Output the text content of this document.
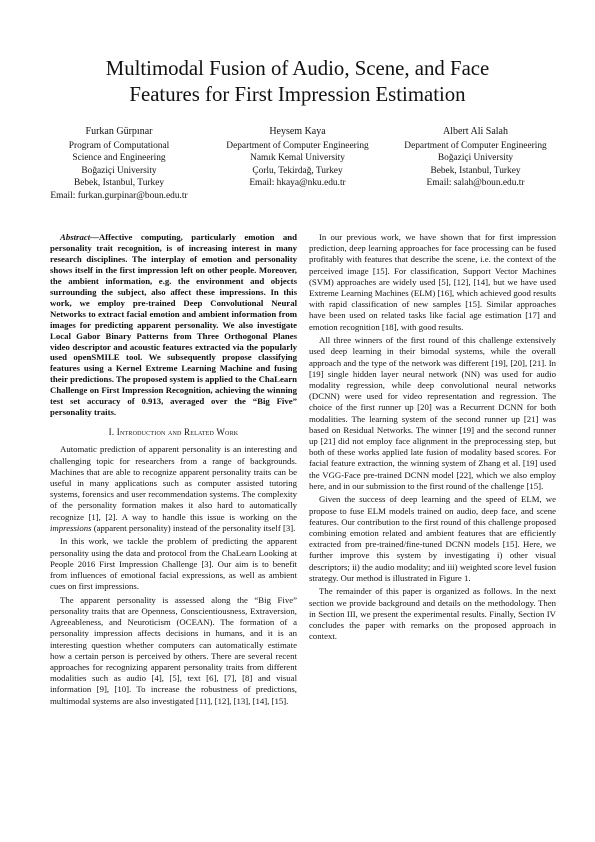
Multimodal Fusion of Audio, Scene, and Face
Features for First Impression Estimation
Furkan Gürpınar
Program of Computational
Science and Engineering
Boğaziçi University
Bebek, Istanbul, Turkey
Email: furkan.gurpinar@boun.edu.tr
Heysem Kaya
Department of Computer Engineering
Namık Kemal University
Çorlu, Tekirdağ, Turkey
Email: hkaya@nku.edu.tr
Albert Ali Salah
Department of Computer Engineering
Boğaziçi University
Bebek, Istanbul, Turkey
Email: salah@boun.edu.tr
Abstract—Affective computing, particularly emotion and personality trait recognition, is of increasing interest in many research disciplines. The interplay of emotion and personality shows itself in the first impression left on other people. Moreover, the ambient information, e.g. the environment and objects surrounding the subject, also affect these impressions. In this work, we employ pre-trained Deep Convolutional Neural Networks to extract facial emotion and ambient information from images for predicting apparent personality. We also investigate Local Gabor Binary Patterns from Three Orthogonal Planes video descriptor and acoustic features extracted via the popularly used openSMILE tool. We subsequently propose classifying features using a Kernel Extreme Learning Machine and fusing their predictions. The proposed system is applied to the ChaLearn Challenge on First Impression Recognition, achieving the winning test set accuracy of 0.913, averaged over the “Big Five” personality traits.
I. Introduction and Related Work

Automatic prediction of apparent personality is an interesting and challenging topic for researchers from a range of backgrounds. Machines that are able to recognize apparent personality traits can be useful in many applications such as computer assisted tutoring systems, forensics and user recommendation systems. The complexity of the personality formation makes it also hard to automatically recognize [1], [2]. A way to handle this issue is working on the impressions (apparent personality) instead of the personality itself [3].

In this work, we tackle the problem of predicting the apparent personality using the data and protocol from the ChaLearn Looking at People 2016 First Impression Challenge [3]. Our aim is to benefit from influences of emotional facial expressions, as well as ambient cues on first impressions.

The apparent personality is assessed along the “Big Five” personality traits that are Openness, Conscientiousness, Extraversion, Agreeableness, and Neuroticism (OCEAN). The formation of a personality impression affects decisions in humans, and it is an interesting question whether computers can automatically estimate how a certain person is perceived by others. There are several recent approaches for recognizing apparent personality traits from different modalities such as audio [4], [5], text [6], [7], [8] and visual information [9], [10]. To increase the robustness of predictions, multimodal systems are also investigated [11], [12], [13], [14], [15].

In our previous work, we have shown that for first impression prediction, deep learning approaches for face processing can be fused profitably with features that describe the scene, i.e. the context of the perceived image [15]. For classification, Support Vector Machines (SVM) approaches are widely used [5], [12], [14], but we have used Extreme Learning Machines (ELM) [16], which achieved good results with rapid classification of new samples [15]. Similar approaches have been used on related tasks like facial age estimation [17] and emotion recognition [18], with good results.

All three winners of the first round of this challenge extensively used deep learning in their bimodal systems, while the overall approach and the type of the network was different [19], [20], [21]. In [19] single hidden layer neural network (NN) was used for audio modality regression, while deep convolutional neural networks (DCNN) were used for video representation and regression. The choice of the first runner up [20] was a Recurrent DCNN for both modalities. The learning system of the second runner up [21] was based on Residual Networks. The winner [19] and the second runner up [21] did not employ face alignment in the preprocessing step, but both of these works applied late fusion of modality based scores. For facial feature extraction, the winning system of Zhang et al. [19] used the VGG-Face pre-trained DCNN model [22], which we also employ here, and in our submission to the first round of the challenge [15].

Given the success of deep learning and the speed of ELM, we propose to fuse ELM models trained on audio, deep face, and scene features. Our contribution to the first round of this challenge proposed combining emotion related and ambient features that are efficiently extracted from pre-trained/fine-tuned DCNN models [15]. Here, we further improve this system by investigating i) other visual descriptors; ii) the audio modality; and iii) weighted score level fusion strategy. Our method is illustrated in Figure 1.

The remainder of this paper is organized as follows. In the next section we provide background and details on the methodology. Then in Section III, we present the experimental results. Finally, Section IV concludes the paper with remarks on the proposed approach in context.
